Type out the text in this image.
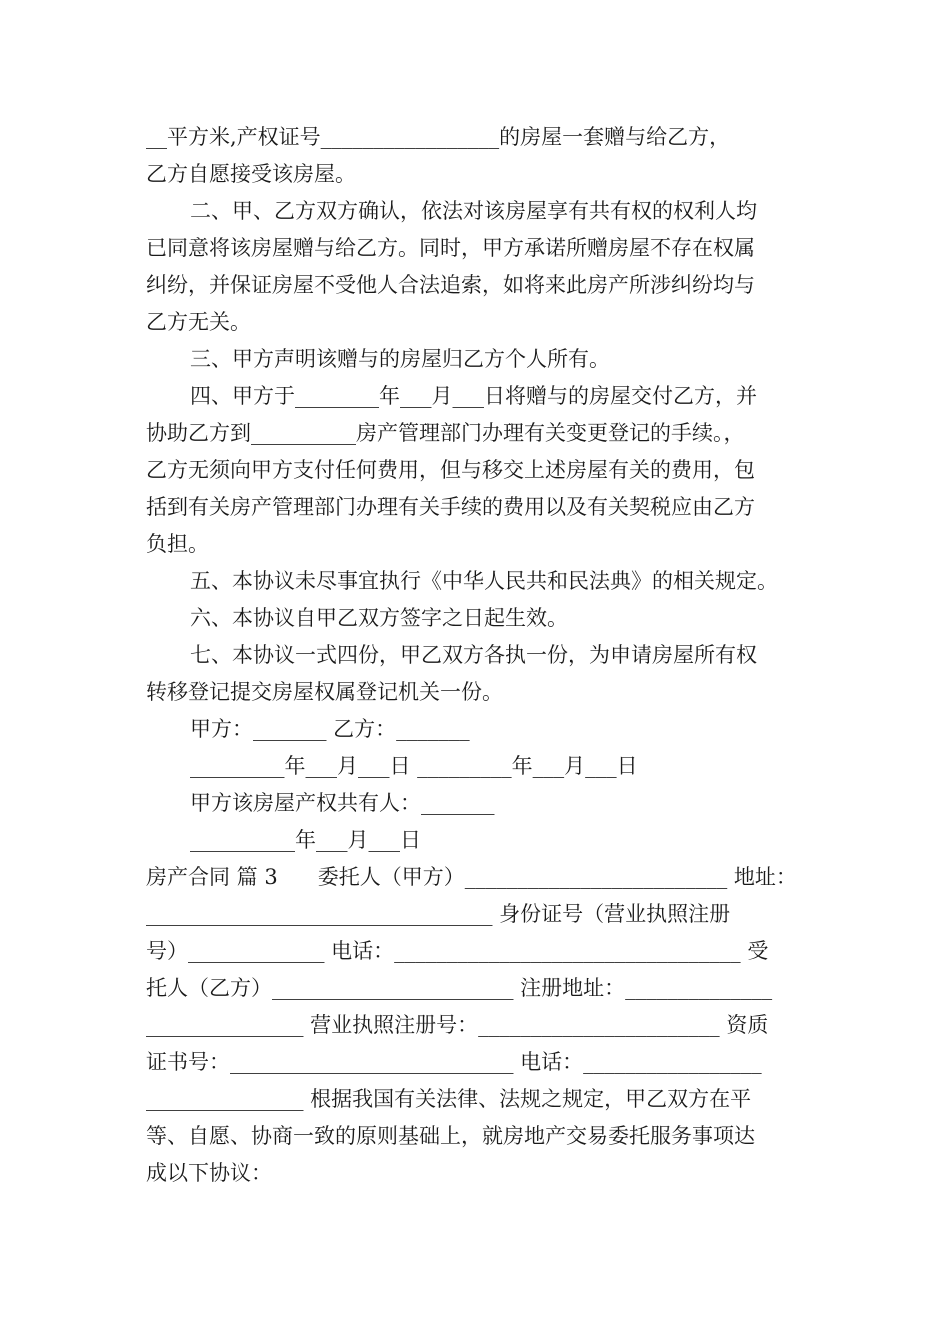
__平方米,产权证号_________________的房屋一套赠与给乙方，
乙方自愿接受该房屋。
二、甲、乙方双方确认，依法对该房屋享有共有权的权利人均
已同意将该房屋赠与给乙方。同时，甲方承诺所赠房屋不存在权属
纠纷，并保证房屋不受他人合法追索，如将来此房产所涉纠纷均与
乙方无关。
三、甲方声明该赠与的房屋归乙方个人所有。
四、甲方于________年___月___日将赠与的房屋交付乙方，并
协助乙方到__________房产管理部门办理有关变更登记的手续。，
乙方无须向甲方支付任何费用，但与移交上述房屋有关的费用，包
括到有关房产管理部门办理有关手续的费用以及有关契税应由乙方
负担。
五、本协议未尽事宜执行《中华人民共和民法典》的相关规定。
六、本协议自甲乙双方签字之日起生效。
七、本协议一式四份，甲乙双方各执一份，为申请房屋所有权
转移登记提交房屋权属登记机关一份。
甲方：_______ 乙方：_______
_________年___月___日 _________年___月___日
甲方该房屋产权共有人：_______
__________年___月___日
房产合同 篇 3      委托人（甲方）_________________________ 地址：
_________________________________ 身份证号（营业执照注册
号）_____________ 电话：_________________________________ 受
托人（乙方）_______________________ 注册地址：______________
_______________ 营业执照注册号：_______________________ 资质
证书号：___________________________ 电话：_________________
_______________ 根据我国有关法律、法规之规定，甲乙双方在平
等、自愿、协商一致的原则基础上，就房地产交易委托服务事项达
成以下协议：
